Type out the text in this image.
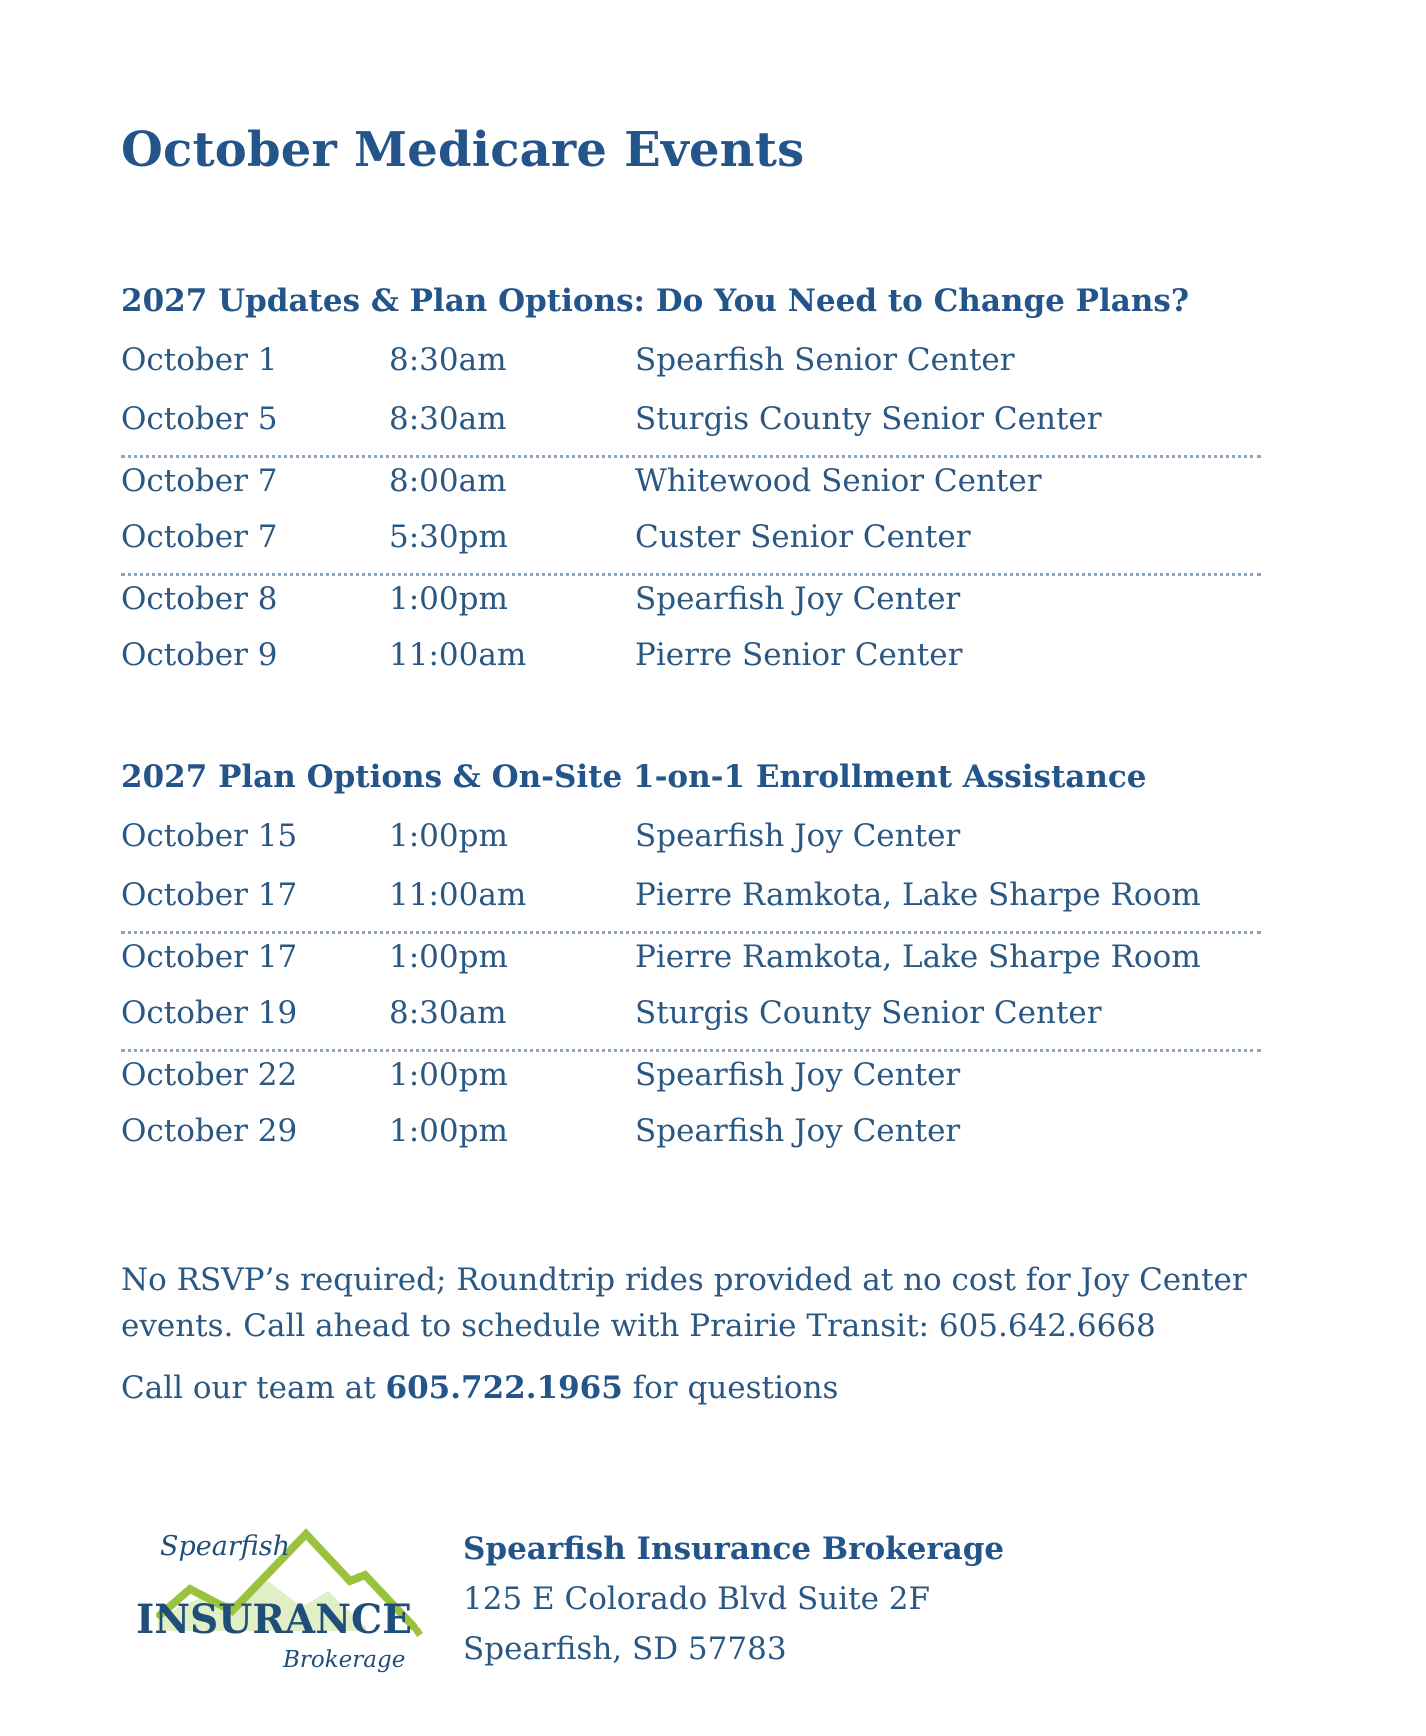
October Medicare Events
2027 Updates & Plan Options: Do You Need to Change Plans?
October 1	8:30am	Spearfish Senior Center
October 5	8:30am	Sturgis County Senior Center
October 7	8:00am	Whitewood Senior Center
October 7	5:30pm	Custer Senior Center
October 8	1:00pm	Spearfish Joy Center
October 9	11:00am	Pierre Senior Center
2027 Plan Options & On-Site 1-on-1 Enrollment Assistance
October 15	1:00pm	Spearfish Joy Center
October 17	11:00am	Pierre Ramkota, Lake Sharpe Room
October 17	1:00pm	Pierre Ramkota, Lake Sharpe Room
October 19	8:30am	Sturgis County Senior Center
October 22	1:00pm	Spearfish Joy Center
October 29	1:00pm	Spearfish Joy Center

No RSVP’s required; Roundtrip rides provided at no cost for Joy Center
events. Call ahead to schedule with Prairie Transit: 605.642.6668

Call our team at 605.722.1965 for questions

Spearfish
INSURANCE
Brokerage
Spearfish Insurance Brokerage
125 E Colorado Blvd Suite 2F
Spearfish, SD 57783
